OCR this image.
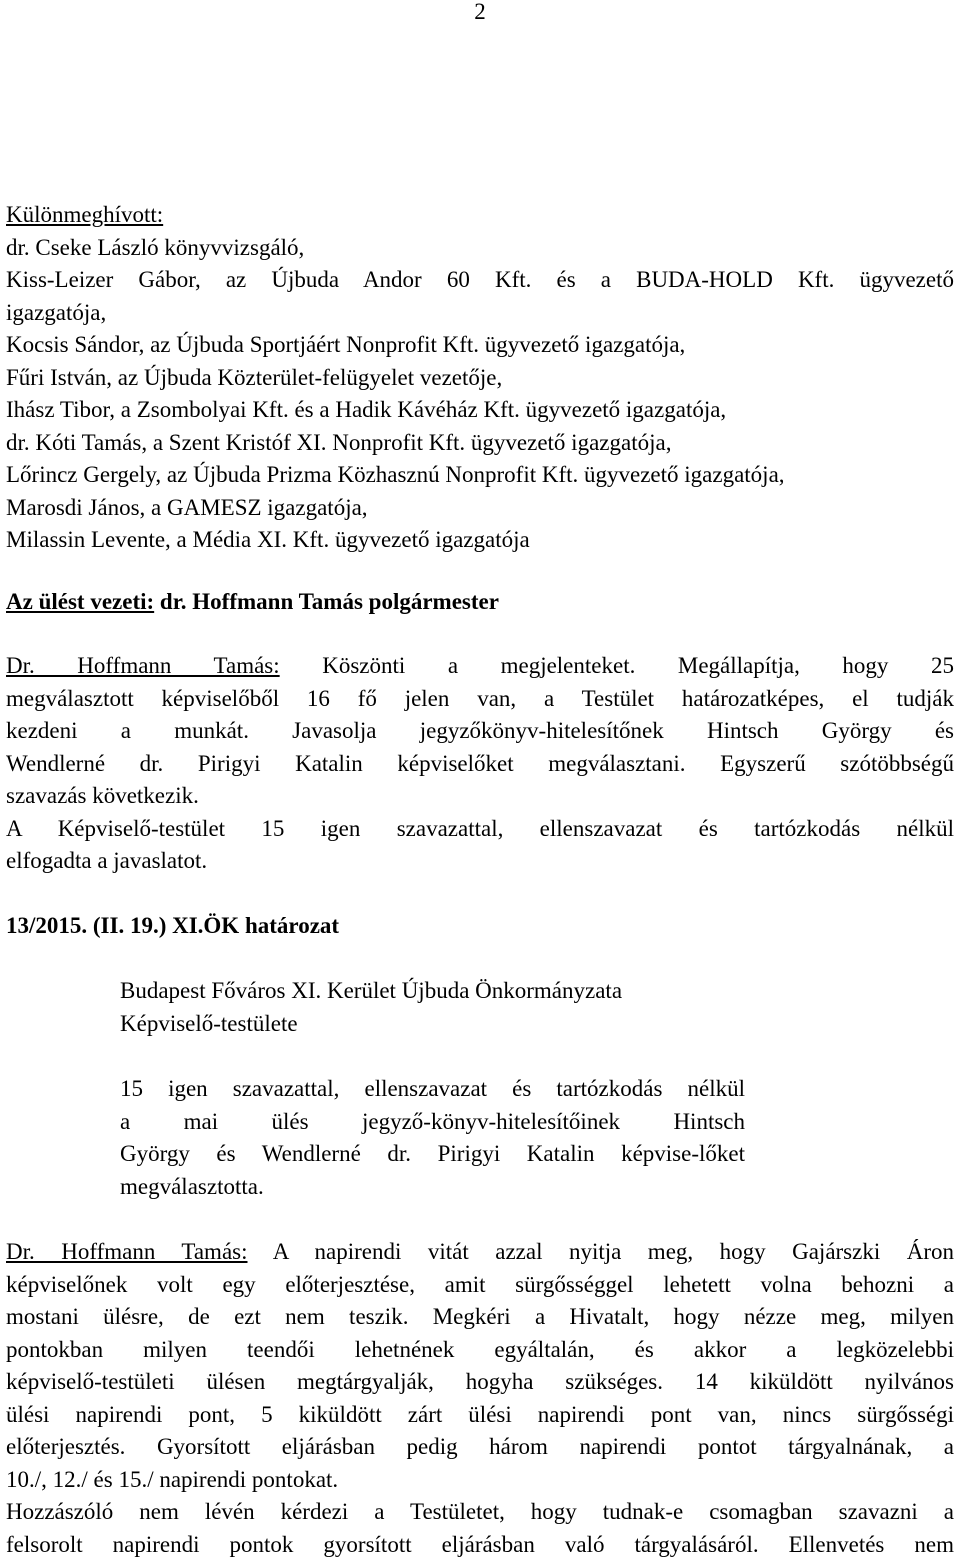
2
Különmeghívott:
dr. Cseke László könyvvizsgáló,
Kiss-Leizer Gábor, az Újbuda Andor 60 Kft. és a BUDA-HOLD Kft. ügyvezető
igazgatója,
Kocsis Sándor, az Újbuda Sportjáért Nonprofit Kft. ügyvezető igazgatója,
Fűri István, az Újbuda Közterület-felügyelet vezetője,
Ihász Tibor, a Zsombolyai Kft. és a Hadik Kávéház Kft. ügyvezető igazgatója,
dr. Kóti Tamás, a Szent Kristóf XI. Nonprofit Kft. ügyvezető igazgatója,
Lőrincz Gergely, az Újbuda Prizma Közhasznú Nonprofit Kft. ügyvezető igazgatója,
Marosdi János, a GAMESZ igazgatója,
Milassin Levente, a Média XI. Kft. ügyvezető igazgatója
Az ülést vezeti: dr. Hoffmann Tamás polgármester
Dr. Hoffmann Tamás: Köszönti a megjelenteket. Megállapítja, hogy 25
megválasztott képviselőből 16 fő jelen van, a Testület határozatképes, el tudják
kezdeni a munkát. Javasolja jegyzőkönyv-hitelesítőnek Hintsch György és
Wendlerné dr. Pirigyi Katalin képviselőket megválasztani. Egyszerű szótöbbségű
szavazás következik.
A Képviselő-testület 15 igen szavazattal, ellenszavazat és tartózkodás nélkül
elfogadta a javaslatot.
13/2015. (II. 19.) XI.ÖK határozat
Budapest Főváros XI. Kerület Újbuda Önkormányzata
Képviselő-testülete
15 igen szavazattal, ellenszavazat és tartózkodás nélkül
a mai ülés jegyző-könyv-hitelesítőinek Hintsch
György és Wendlerné dr. Pirigyi Katalin képvise-lőket
megválasztotta.
Dr. Hoffmann Tamás: A napirendi vitát azzal nyitja meg, hogy Gajárszki Áron
képviselőnek volt egy előterjesztése, amit sürgősséggel lehetett volna behozni a
mostani ülésre, de ezt nem teszik. Megkéri a Hivatalt, hogy nézze meg, milyen
pontokban milyen teendői lehetnének egyáltalán, és akkor a legközelebbi
képviselő-testületi ülésen megtárgyalják, hogyha szükséges. 14 kiküldött nyilvános
ülési napirendi pont, 5 kiküldött zárt ülési napirendi pont van, nincs sürgősségi
előterjesztés. Gyorsított eljárásban pedig három napirendi pontot tárgyalnának, a
10./, 12./ és 15./ napirendi pontokat.
Hozzászóló nem lévén kérdezi a Testületet, hogy tudnak-e csomagban szavazni a
felsorolt napirendi pontok gyorsított eljárásban való tárgyalásáról. Ellenvetés nem
